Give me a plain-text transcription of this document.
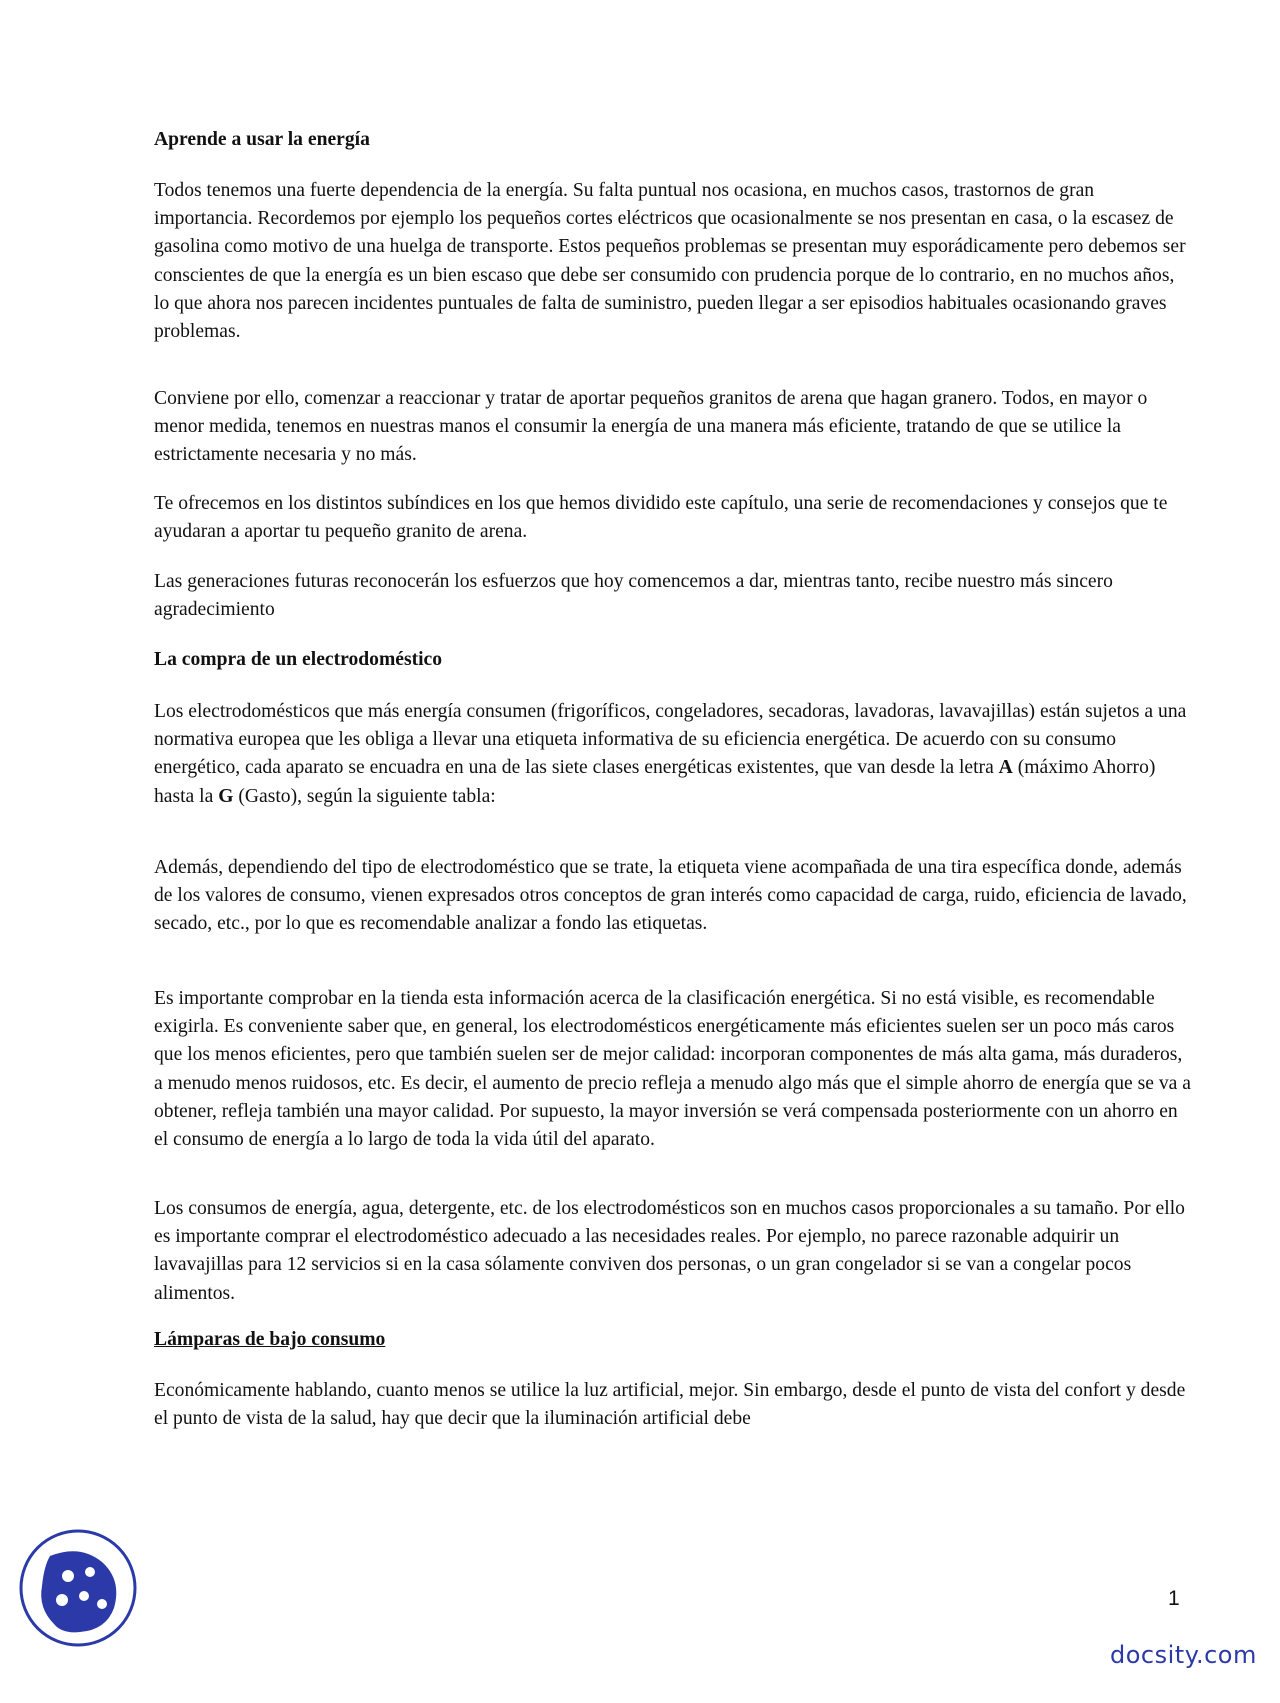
Aprende a usar la energía

Todos tenemos una fuerte dependencia de la energía. Su falta puntual nos ocasiona, en muchos casos, trastornos de gran importancia. Recordemos por ejemplo los pequeños cortes eléctricos que ocasionalmente se nos presentan en casa, o la escasez de gasolina como motivo de una huelga de transporte. Estos pequeños problemas se presentan muy esporádicamente pero debemos ser conscientes de que la energía es un bien escaso que debe ser consumido con prudencia porque de lo contrario, en no muchos años, lo que ahora nos parecen incidentes puntuales de falta de suministro, pueden llegar a ser episodios habituales ocasionando graves problemas.

Conviene por ello, comenzar a reaccionar y tratar de aportar pequeños granitos de arena que hagan granero. Todos, en mayor o menor medida, tenemos en nuestras manos el consumir la energía de una manera más eficiente, tratando de que se utilice la estrictamente necesaria y no más.

Te ofrecemos en los distintos subíndices en los que hemos dividido este capítulo, una serie de recomendaciones y consejos que te ayudaran a aportar tu pequeño granito de arena.

Las generaciones futuras reconocerán los esfuerzos que hoy comencemos a dar, mientras tanto, recibe nuestro más sincero agradecimiento

La compra de un electrodoméstico

Los electrodomésticos que más energía consumen (frigoríficos, congeladores, secadoras, lavadoras, lavavajillas) están sujetos a una normativa europea que les obliga a llevar una etiqueta informativa de su eficiencia energética. De acuerdo con su consumo energético, cada aparato se encuadra en una de las siete clases energéticas existentes, que van desde la letra A (máximo Ahorro) hasta la G (Gasto), según la siguiente tabla:

Además, dependiendo del tipo de electrodoméstico que se trate, la etiqueta viene acompañada de una tira específica donde, además de los valores de consumo, vienen expresados otros conceptos de gran interés como capacidad de carga, ruido, eficiencia de lavado, secado, etc., por lo que es recomendable analizar a fondo las etiquetas.

Es importante comprobar en la tienda esta información acerca de la clasificación energética. Si no está visible, es recomendable exigirla. Es conveniente saber que, en general, los electrodomésticos energéticamente más eficientes suelen ser un poco más caros que los menos eficientes, pero que también suelen ser de mejor calidad: incorporan componentes de más alta gama, más duraderos, a menudo menos ruidosos, etc. Es decir, el aumento de precio refleja a menudo algo más que el simple ahorro de energía que se va a obtener, refleja también una mayor calidad. Por supuesto, la mayor inversión se verá compensada posteriormente con un ahorro en el consumo de energía a lo largo de toda la vida útil del aparato.

Los consumos de energía, agua, detergente, etc. de los electrodomésticos son en muchos casos proporcionales a su tamaño. Por ello es importante comprar el electrodoméstico adecuado a las necesidades reales. Por ejemplo, no parece razonable adquirir un lavavajillas para 12 servicios si en la casa sólamente conviven dos personas, o un gran congelador si se van a congelar pocos alimentos.

Lámparas de bajo consumo

Económicamente hablando, cuanto menos se utilice la luz artificial, mejor. Sin embargo, desde el punto de vista del confort y desde el punto de vista de la salud, hay que decir que la iluminación artificial debe

1
docsity.com
